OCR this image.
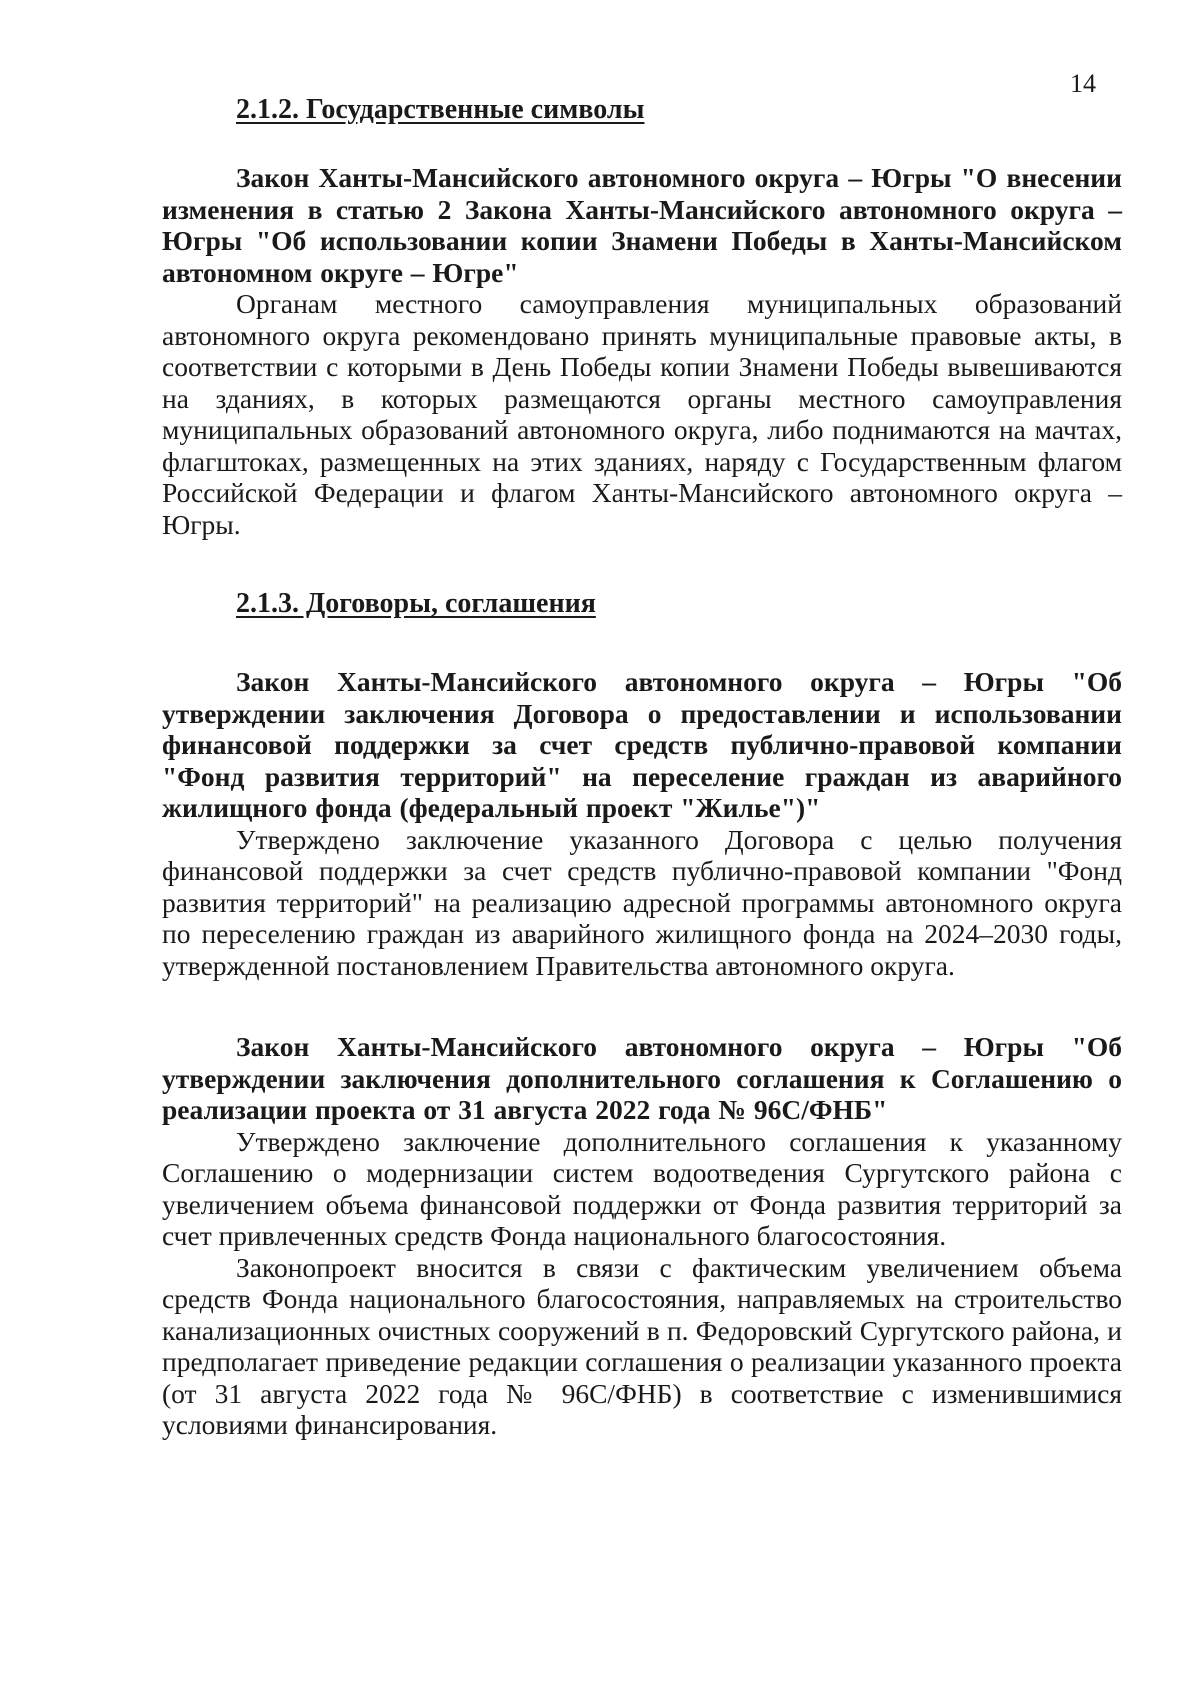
14
2.1.2. Государственные символы

Закон Ханты-Мансийского автономного округа – Югры "О внесении изменения в статью 2 Закона Ханты-Мансийского автономного округа – Югры "Об использовании копии Знамени Победы в Ханты-Мансийском автономном округе – Югре"

Органам местного самоуправления муниципальных образований автономного округа рекомендовано принять муниципальные правовые акты, в соответствии с которыми в День Победы копии Знамени Победы вывешиваются на зданиях, в которых размещаются органы местного самоуправления муниципальных образований автономного округа, либо поднимаются на мачтах, флагштоках, размещенных на этих зданиях, наряду с Государственным флагом Российской Федерации и флагом Ханты-Мансийского автономного округа – Югры.

2.1.3. Договоры, соглашения

Закон Ханты-Мансийского автономного округа – Югры "Об утверждении заключения Договора о предоставлении и использовании финансовой поддержки за счет средств публично-правовой компании "Фонд развития территорий" на переселение граждан из аварийного жилищного фонда (федеральный проект "Жилье")"

Утверждено заключение указанного Договора с целью получения финансовой поддержки за счет средств публично-правовой компании "Фонд развития территорий" на реализацию адресной программы автономного округа по переселению граждан из аварийного жилищного фонда на 2024–2030 годы, утвержденной постановлением Правительства автономного округа.

Закон Ханты-Мансийского автономного округа – Югры "Об утверждении заключения дополнительного соглашения к Соглашению о реализации проекта от 31 августа 2022 года № 96С/ФНБ"

Утверждено заключение дополнительного соглашения к указанному Соглашению о модернизации систем водоотведения Сургутского района с увеличением объема финансовой поддержки от Фонда развития территорий за счет привлеченных средств Фонда национального благосостояния.

Законопроект вносится в связи с фактическим увеличением объема средств Фонда национального благосостояния, направляемых на строительство канализационных очистных сооружений в п. Федоровский Сургутского района, и предполагает приведение редакции соглашения о реализации указанного проекта (от 31 августа 2022 года № 96С/ФНБ) в соответствие с изменившимися условиями финансирования.
